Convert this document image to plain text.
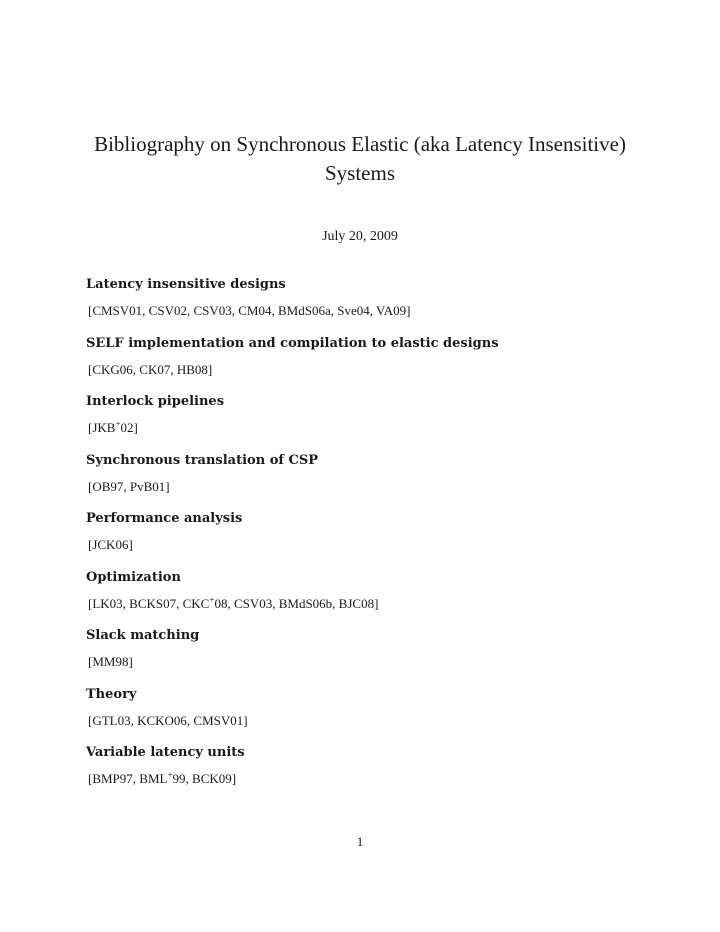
Bibliography on Synchronous Elastic (aka Latency Insensitive) Systems

July 20, 2009

Latency insensitive designs
[CMSV01, CSV02, CSV03, CM04, BMdS06a, Sve04, VA09]
SELF implementation and compilation to elastic designs
[CKG06, CK07, HB08]
Interlock pipelines
[JKB+02]
Synchronous translation of CSP
[OB97, PvB01]
Performance analysis
[JCK06]
Optimization
[LK03, BCKS07, CKC+08, CSV03, BMdS06b, BJC08]
Slack matching
[MM98]
Theory
[GTL03, KCKO06, CMSV01]
Variable latency units
[BMP97, BML+99, BCK09]

1
